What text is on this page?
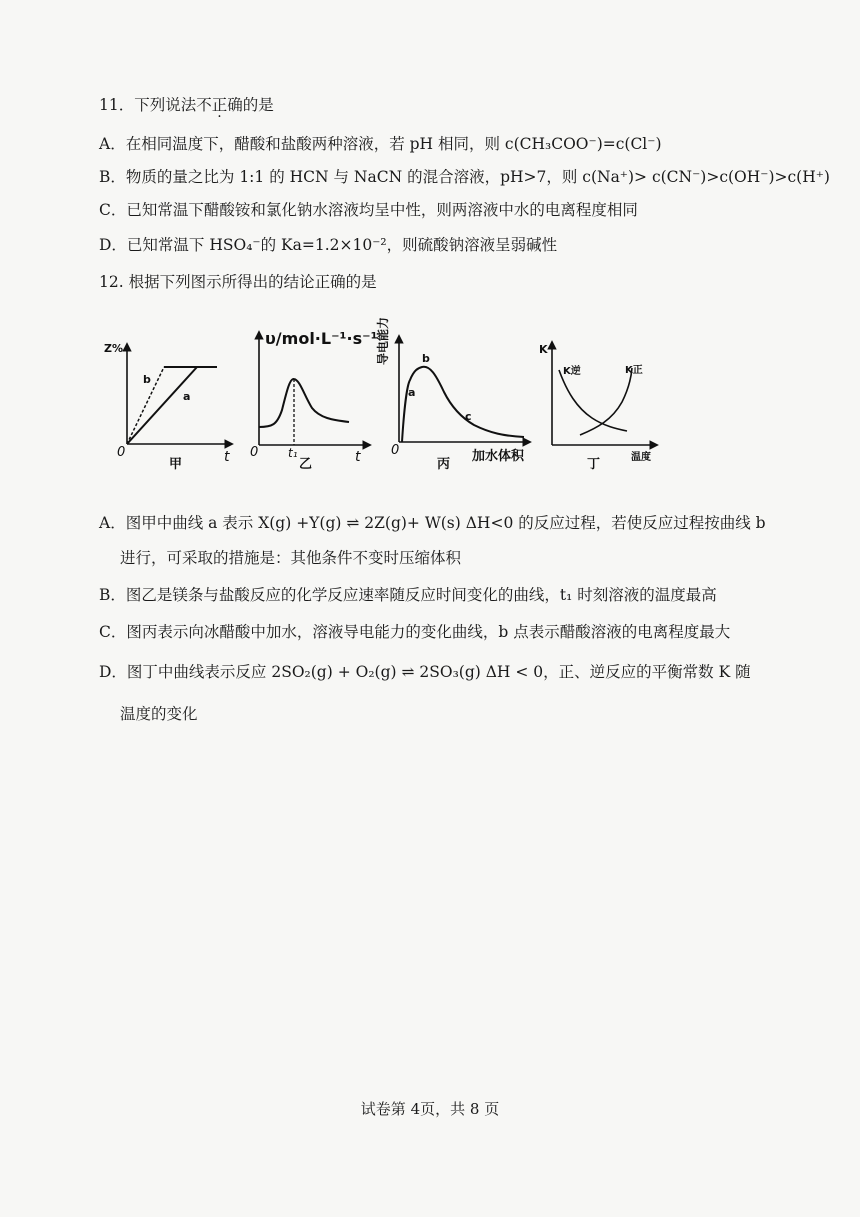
11．下列说法不正确的是
A．在相同温度下，醋酸和盐酸两种溶液，若 pH 相同，则 c(CH₃COO⁻)=c(Cl⁻)
B．物质的量之比为 1:1 的 HCN 与 NaCN 的混合溶液，pH>7，则 c(Na⁺)> c(CN⁻)>c(OH⁻)>c(H⁺)
C．已知常温下醋酸铵和氯化钠水溶液均呈中性，则两溶液中水的电离程度相同
D．已知常温下 HSO₄⁻的 Ka=1.2×10⁻²，则硫酸钠溶液呈弱碱性
12. 根据下列图示所得出的结论正确的是
Z%
b
a
0	t
甲
υ/mol·L⁻¹·s⁻¹
0 t₁	t
乙
导电能力
a
b
c
0	加水体积
丙
K
K逆	K正
温度
丁
A．图甲中曲线 a 表示 X(g) +Y(g) ⇌ 2Z(g)+ W(s) ΔH<0 的反应过程，若使反应过程按曲线 b
进行，可采取的措施是：其他条件不变时压缩体积
B．图乙是镁条与盐酸反应的化学反应速率随反应时间变化的曲线，t₁ 时刻溶液的温度最高
C．图丙表示向冰醋酸中加水，溶液导电能力的变化曲线，b 点表示醋酸溶液的电离程度最大
D．图丁中曲线表示反应 2SO₂(g) + O₂(g) ⇌ 2SO₃(g) ΔH < 0，正、逆反应的平衡常数 K 随
温度的变化
试卷第 4页，共 8 页
